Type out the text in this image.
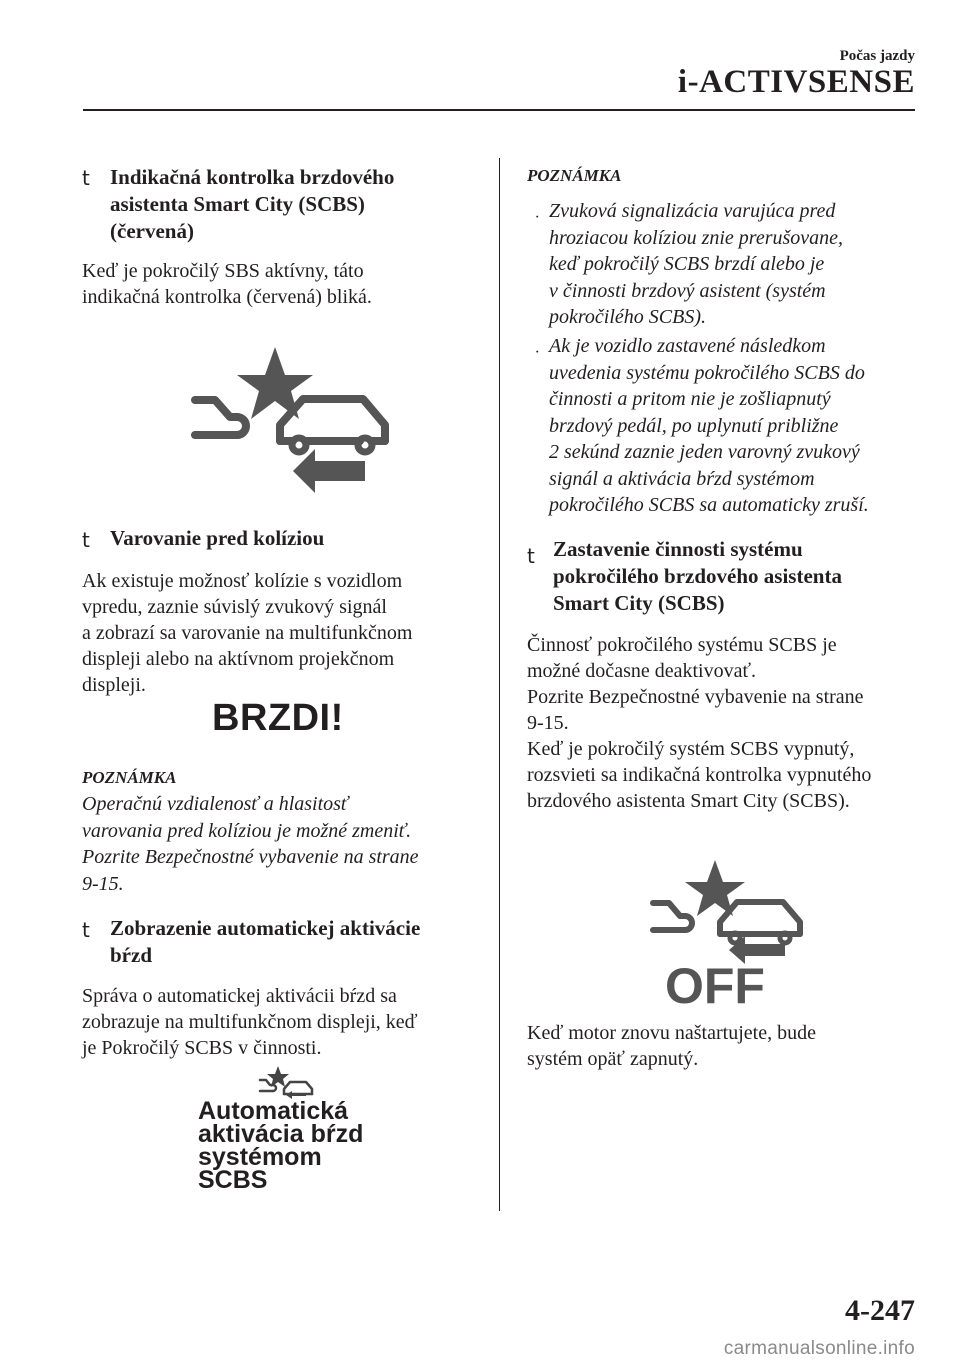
Počas jazdy
i-ACTIVSENSE
t Indikačná kontrolka brzdového
asistenta Smart City (SCBS)
(červená)
Keď je pokročilý SBS aktívny, táto
indikačná kontrolka (červená) bliká.
t Varovanie pred kolíziou
Ak existuje možnosť kolízie s vozidlom
vpredu, zaznie súvislý zvukový signál
a zobrazí sa varovanie na multifunkčnom
displeji alebo na aktívnom projekčnom
displeji.
BRZDI!
POZNÁMKA
Operačnú vzdialenosť a hlasitosť
varovania pred kolíziou je možné zmeniť.
Pozrite Bezpečnostné vybavenie na strane
9-15.
t Zobrazenie automatickej aktivácie
bŕzd
Správa o automatickej aktivácii bŕzd sa
zobrazuje na multifunkčnom displeji, keď
je Pokročilý SCBS v činnosti.
Automatická
aktivácia bŕzd
systémom
SCBS
POZNÁMKA
· Zvuková signalizácia varujúca pred
hroziacou kolíziou znie prerušovane,
keď pokročilý SCBS brzdí alebo je
v činnosti brzdový asistent (systém
pokročilého SCBS).
· Ak je vozidlo zastavené následkom
uvedenia systému pokročilého SCBS do
činnosti a pritom nie je zošliapnutý
brzdový pedál, po uplynutí približne
2 sekúnd zaznie jeden varovný zvukový
signál a aktivácia bŕzd systémom
pokročilého SCBS sa automaticky zruší.
t Zastavenie činnosti systému
pokročilého brzdového asistenta
Smart City (SCBS)
Činnosť pokročilého systému SCBS je
možné dočasne deaktivovať.
Pozrite Bezpečnostné vybavenie na strane
9-15.
Keď je pokročilý systém SCBS vypnutý,
rozsvieti sa indikačná kontrolka vypnutého
brzdového asistenta Smart City (SCBS).
OFF
Keď motor znovu naštartujete, bude
systém opäť zapnutý.
4-247
carmanualsonline.info
